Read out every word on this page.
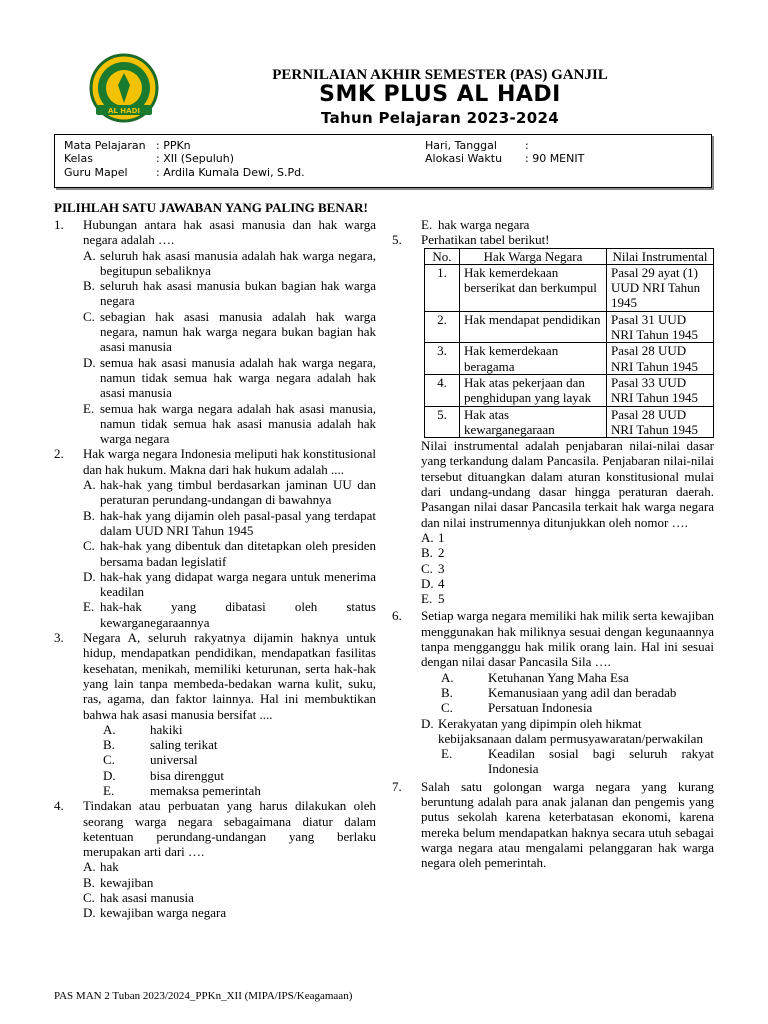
AL HADI
PERNILAIAN AKHIR SEMESTER (PAS) GANJIL
SMK PLUS AL HADI
Tahun Pelajaran 2023-2024
Mata Pelajaran : PPKn
Kelas	: XII (Sepuluh)
Guru Mapel	: Ardila Kumala Dewi, S.Pd.
Hari, Tanggal	:
Alokasi Waktu : 90 MENIT
PILIHLAH SATU JAWABAN YANG PALING BENAR!
1.	Hubungan antara hak asasi manusia dan hak warga negara adalah ….
A. seluruh hak asasi manusia adalah hak warga negara, begitupun sebaliknya
B. seluruh hak asasi manusia bukan bagian hak warga negara
C. sebagian hak asasi manusia adalah hak warga negara, namun hak warga negara bukan bagian hak asasi manusia
D. semua hak asasi manusia adalah hak warga negara, namun tidak semua hak warga negara adalah hak asasi manusia
E. semua hak warga negara adalah hak asasi manusia, namun tidak semua hak asasi manusia adalah hak warga negara
2.	Hak warga negara Indonesia meliputi hak konstitusional dan hak hukum. Makna dari hak hukum adalah ....
A. hak-hak yang timbul berdasarkan jaminan UU dan peraturan perundang-undangan di bawahnya
B. hak-hak yang dijamin oleh pasal-pasal yang terdapat dalam UUD NRI Tahun 1945
C. hak-hak yang dibentuk dan ditetapkan oleh presiden bersama badan legislatif
D. hak-hak yang didapat warga negara untuk menerima keadilan
E. hak-hak yang dibatasi oleh status kewarganegaraannya
3.	Negara A, seluruh rakyatnya dijamin haknya untuk hidup, mendapatkan pendidikan, mendapatkan fasilitas kesehatan, menikah, memiliki keturunan, serta hak-hak yang lain tanpa membeda-bedakan warna kulit, suku, ras, agama, dan faktor lainnya. Hal ini membuktikan bahwa hak asasi manusia bersifat ....
A.	hakiki
B.	saling terikat
C.	universal
D.	bisa direnggut
E.	memaksa pemerintah
4.	Tindakan atau perbuatan yang harus dilakukan oleh seorang warga negara sebagaimana diatur dalam ketentuan perundang-undangan yang berlaku merupakan arti dari ….
A. hak
B. kewajiban
C. hak asasi manusia
D. kewajiban warga negara
E. hak warga negara
5.	Perhatikan tabel berikut!
No.	Hak Warga Negara	Nilai Instrumental
1.	Hak kemerdekaan berserikat dan berkumpul	Pasal 29 ayat (1) UUD NRI Tahun 1945
2.	Hak mendapat pendidikan	Pasal 31 UUD NRI Tahun 1945
3.	Hak kemerdekaan beragama	Pasal 28 UUD NRI Tahun 1945
4.	Hak atas pekerjaan dan penghidupan yang layak	Pasal 33 UUD NRI Tahun 1945
5.	Hak atas kewarganegaraan	Pasal 28 UUD NRI Tahun 1945
Nilai instrumental adalah penjabaran nilai-nilai dasar yang terkandung dalam Pancasila. Penjabaran nilai-nilai tersebut dituangkan dalam aturan konstitusional mulai dari undang-undang dasar hingga peraturan daerah. Pasangan nilai dasar Pancasila terkait hak warga negara dan nilai instrumennya ditunjukkan oleh nomor ….
A. 1
B. 2
C. 3
D. 4
E. 5
6.	Setiap warga negara memiliki hak milik serta kewajiban menggunakan hak miliknya sesuai dengan kegunaannya tanpa mengganggu hak milik orang lain. Hal ini sesuai dengan nilai dasar Pancasila Sila ….
A.	Ketuhanan Yang Maha Esa
B.	Kemanusiaan yang adil dan beradab
C.	Persatuan Indonesia
D. Kerakyatan yang dipimpin oleh hikmat kebijaksanaan dalam permusyawaratan/perwakilan
E.	Keadilan sosial bagi seluruh rakyat Indonesia
7.	Salah satu golongan warga negara yang kurang beruntung adalah para anak jalanan dan pengemis yang putus sekolah karena keterbatasan ekonomi, karena mereka belum mendapatkan haknya secara utuh sebagai warga negara atau mengalami pelanggaran hak warga negara oleh pemerintah.
PAS MAN 2 Tuban 2023/2024_PPKn_XII (MIPA/IPS/Keagamaan)
